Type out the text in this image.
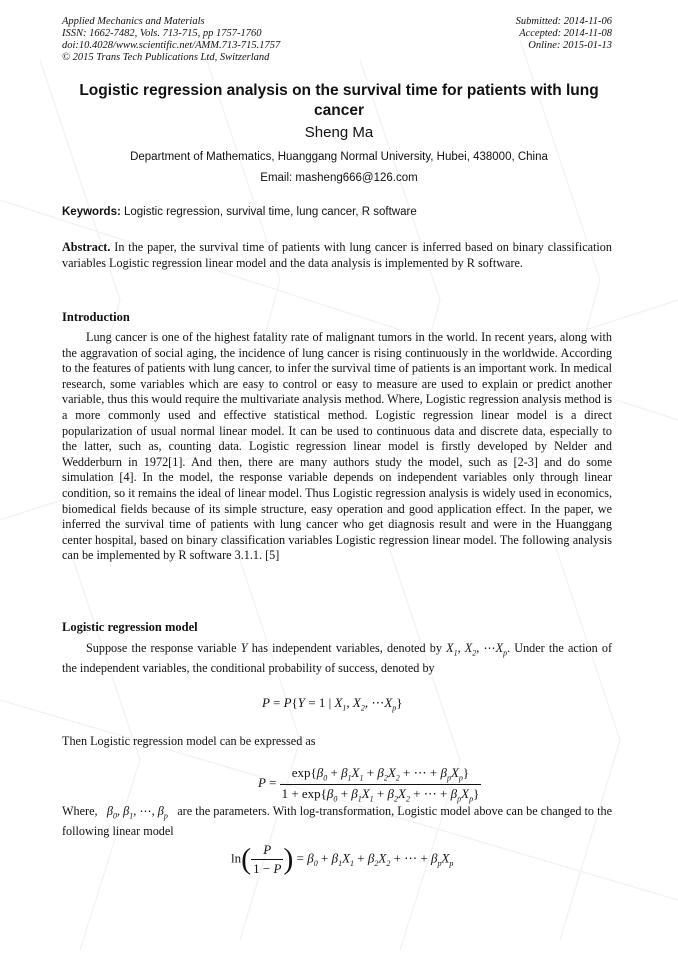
Applied Mechanics and Materials
ISSN: 1662-7482, Vols. 713-715, pp 1757-1760
doi:10.4028/www.scientific.net/AMM.713-715.1757
© 2015 Trans Tech Publications Ltd, Switzerland
Submitted: 2014-11-06
Accepted: 2014-11-08
Online: 2015-01-13
Logistic regression analysis on the survival time for patients with lung cancer
Sheng Ma
Department of Mathematics, Huanggang Normal University, Hubei, 438000, China
Email: masheng666@126.com
Keywords: Logistic regression, survival time, lung cancer, R software

Abstract. In the paper, the survival time of patients with lung cancer is inferred based on binary classification variables Logistic regression linear model and the data analysis is implemented by R software.

Introduction

Lung cancer is one of the highest fatality rate of malignant tumors in the world. In recent years, along with the aggravation of social aging, the incidence of lung cancer is rising continuously in the worldwide. According to the features of patients with lung cancer, to infer the survival time of patients is an important work. In medical research, some variables which are easy to control or easy to measure are used to explain or predict another variable, thus this would require the multivariate analysis method. Where, Logistic regression analysis method is a more commonly used and effective statistical method. Logistic regression linear model is a direct popularization of usual normal linear model. It can be used to continuous data and discrete data, especially to the latter, such as, counting data. Logistic regression linear model is firstly developed by Nelder and Wedderburn in 1972[1]. And then, there are many authors study the model, such as [2-3] and do some simulation [4]. In the model, the response variable depends on independent variables only through linear condition, so it remains the ideal of linear model. Thus Logistic regression analysis is widely used in economics, biomedical fields because of its simple structure, easy operation and good application effect. In the paper, we inferred the survival time of patients with lung cancer who get diagnosis result and were in the Huanggang center hospital, based on binary classification variables Logistic regression linear model. The following analysis can be implemented by R software 3.1.1. [5]

Logistic regression model

Suppose the response variable Y has independent variables, denoted by $X_1$, $X_2$, $\cdots X_p$. Under the action of the independent variables, the conditional probability of success, denoted by

P = P{Y = 1 | $X_1$, $X_2$, $\cdots X_p$}

Then Logistic regression model can be expressed as

$P = \frac{\exp\{\beta_0 + \beta_1X_1 + \beta_2X_2 + \cdots + \beta_pX_p\}}{1 + \exp\{\beta_0 + \beta_1X_1 + \beta_2X_2 + \cdots + \beta_pX_p\}}$

Where, $\beta_0$, $\beta_1$, ⋯, $\beta_p$ are the parameters. With log-transformation, Logistic model above can be changed to the following linear model

$\ln( \frac{P}{1 - P}$ ) = $\beta_0 + \beta_1X_1 + \beta_2X_2$ + ⋯ + $\beta_pX_p$
